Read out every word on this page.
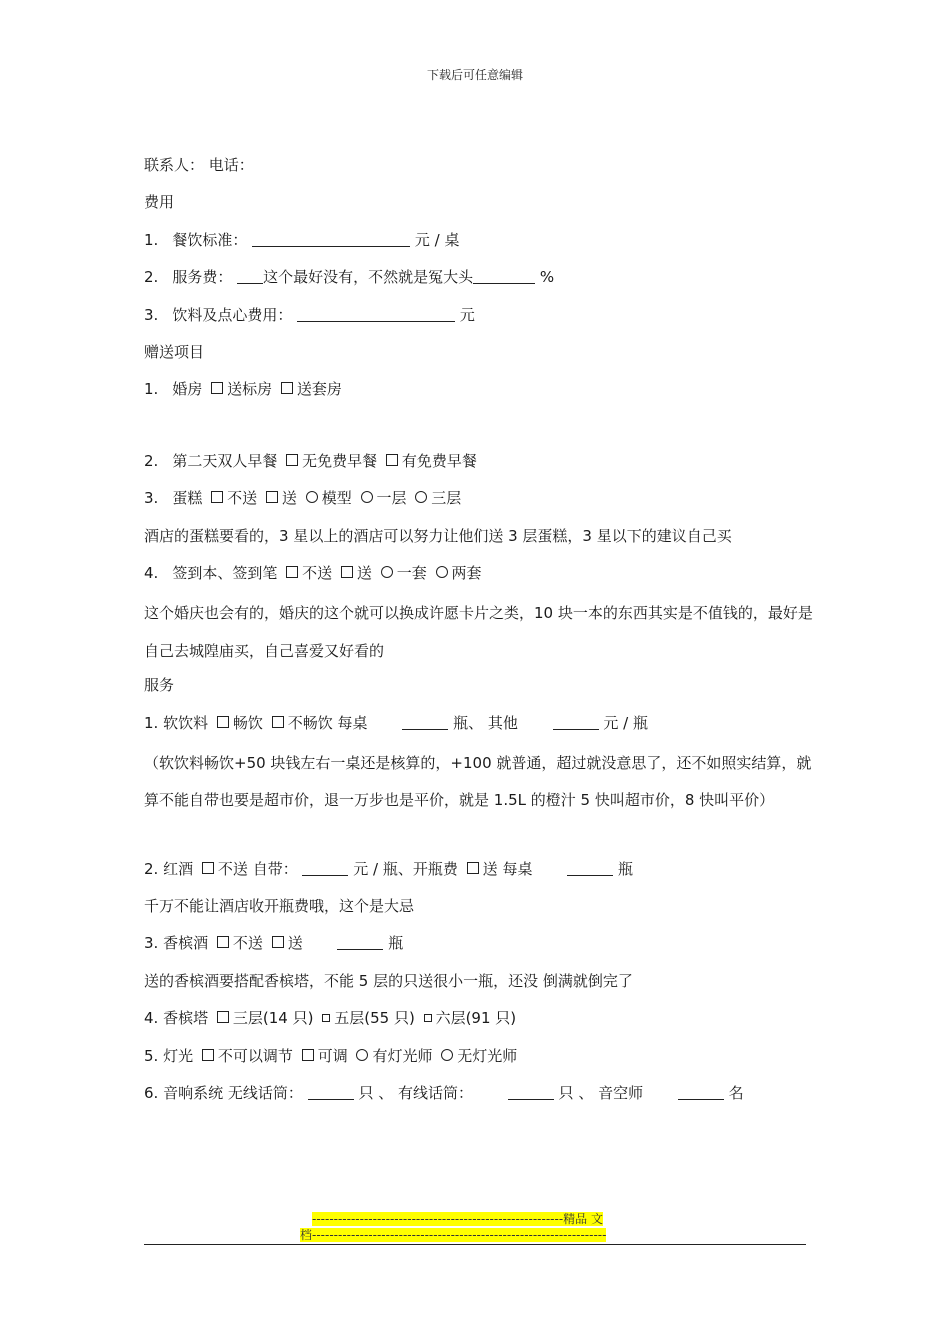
下载后可任意编辑
联系人： 电话：
费用
1. 餐饮标准：	元 / 桌
2. 服务费： 这个最好没有，不然就是冤大头	%
3. 饮料及点心费用：	元
赠送项目
1. 婚房 送标房 送套房
2. 第二天双人早餐 无免费早餐 有免费早餐
3. 蛋糕 不送 送 模型 一层 三层
酒店的蛋糕要看的，3 星以上的酒店可以努力让他们送 3 层蛋糕，3 星以下的建议自己买
4. 签到本、签到笔 不送 送 一套 两套
这个婚庆也会有的，婚庆的这个就可以换成许愿卡片之类，10 块一本的东西其实是不值钱的，最好是自己去城隍庙买，自己喜爱又好看的
服务
1. 软饮料 畅饮 不畅饮 每桌	瓶、 其他	元 / 瓶
（软饮料畅饮+50 块钱左右一桌还是核算的，+100 就普通，超过就没意思了，还不如照实结算，就算不能自带也要是超市价，退一万步也是平价，就是 1.5L 的橙汁 5 快叫超市价，8 快叫平价）
2. 红酒 不送 自带：	元 / 瓶、开瓶费 送 每桌	瓶
千万不能让酒店收开瓶费哦，这个是大忌
3. 香槟酒 不送 送	瓶
送的香槟酒要搭配香槟塔，不能 5 层的只送很小一瓶，还没 倒满就倒完了
4. 香槟塔 三层(14 只) 五层(55 只) 六层(91 只)
5. 灯光 不可以调节 可调 有灯光师 无灯光师
6. 音响系统 无线话筒：	只 、 有线话筒：	只 、 音空师	名
----------------------------------------------------------精品 文
档--------------------------------------------------------------------
